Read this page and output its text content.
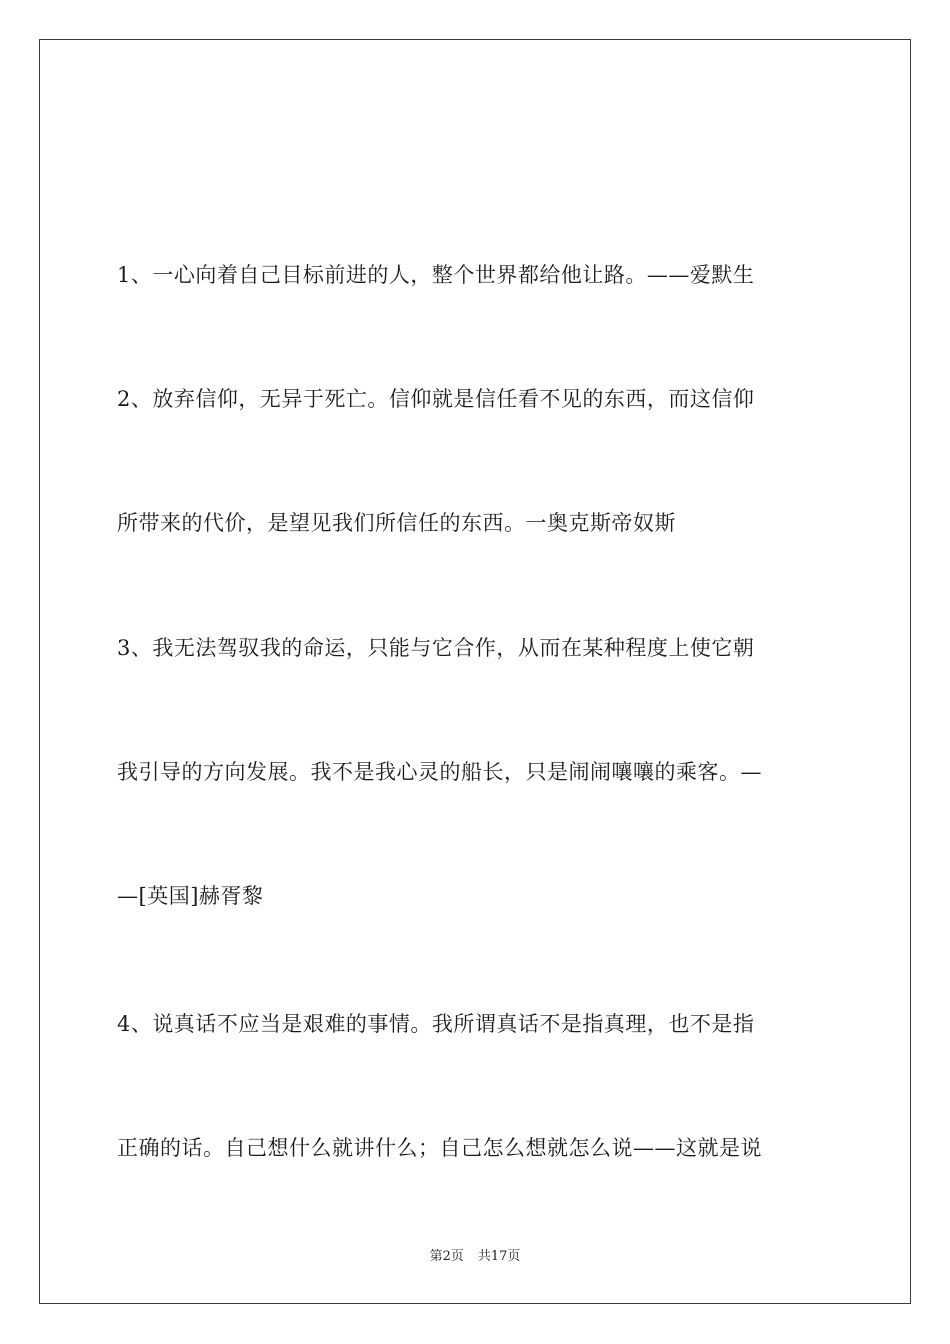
1、一心向着自己目标前进的人，整个世界都给他让路。——爱默生
2、放弃信仰，无异于死亡。信仰就是信任看不见的东西，而这信仰
所带来的代价，是望见我们所信任的东西。一奥克斯帝奴斯
3、我无法驾驭我的命运，只能与它合作，从而在某种程度上使它朝
我引导的方向发展。我不是我心灵的船长，只是闹闹嚷嚷的乘客。—
—[英国]赫胥黎
4、说真话不应当是艰难的事情。我所谓真话不是指真理，也不是指
正确的话。自己想什么就讲什么；自己怎么想就怎么说——这就是说
第2页 共17页
